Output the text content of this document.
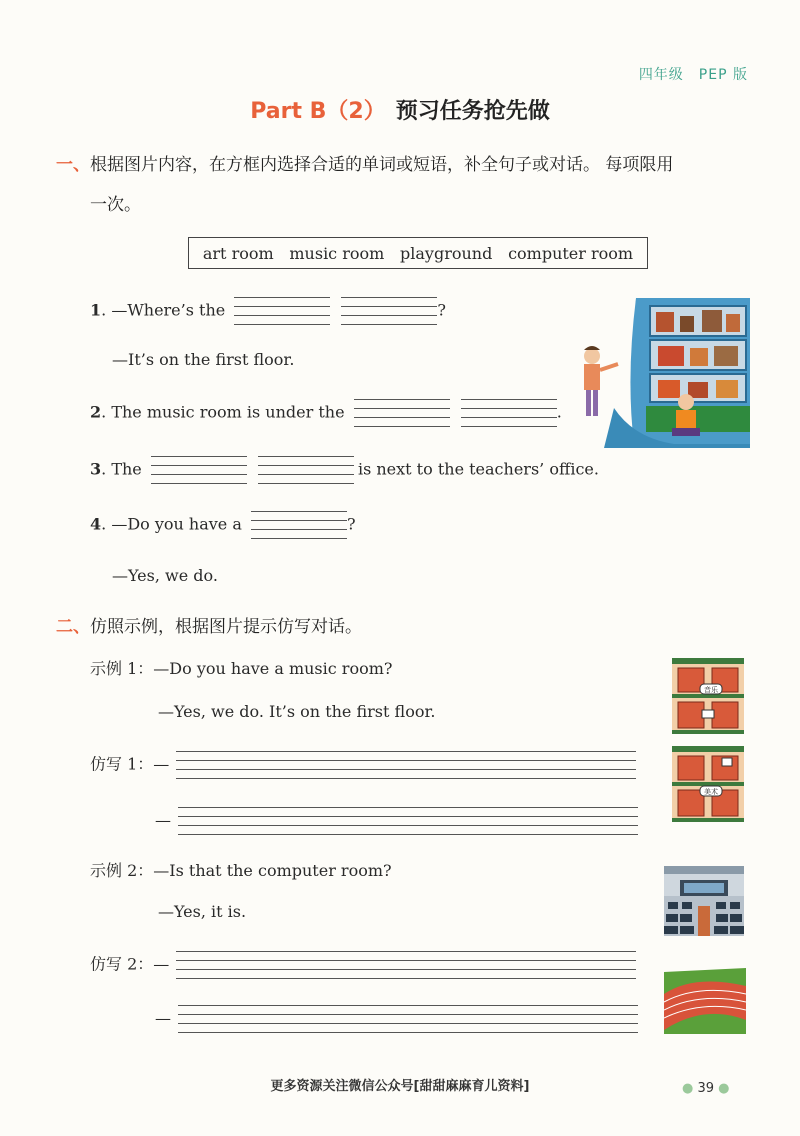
四年级　PEP 版
Part B（2） 预习任务抢先做
一、根据图片内容，在方框内选择合适的单词或短语，补全句子或对话。 每项限用
一次。
art room music room playground computer room
1. —Where’s the
	?
—It’s on the first floor.
2. The music room is under the
	.
3. The
	is next to the teachers’ office.
4. —Do you have a	?
—Yes, we do.
二、仿照示例，根据图片提示仿写对话。
示例 1：—Do you have a music room?
—Yes, we do. It’s on the first floor.
仿写 1：—
—
示例 2：—Is that the computer room?
—Yes, it is.
仿写 2：—
—
音乐
美术
更多资源关注微信公众号[甜甜麻麻育儿资料]	● 39 ●
